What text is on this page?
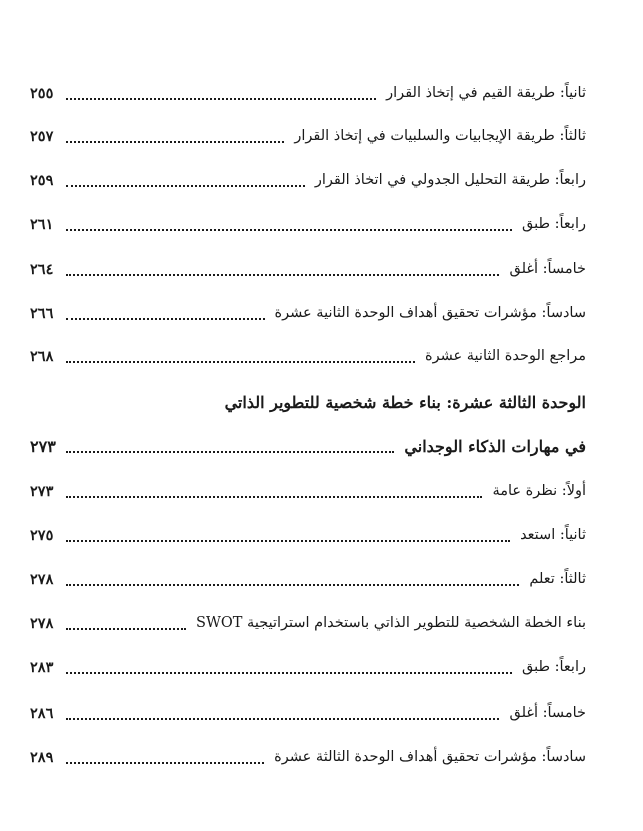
ثانياً: طريقة القيم في إتخاذ القرار
٢٥٥
ثالثاً: طريقة الإيجابيات والسلبيات في إتخاذ القرار
٢٥٧
رابعاً: طريقة التحليل الجدولي في اتخاذ القرار
٢٥٩
رابعاً: طبق
٢٦١
خامساً: أغلق
٢٦٤
سادساً: مؤشرات تحقيق أهداف الوحدة الثانية عشرة
٢٦٦
مراجع الوحدة الثانية عشرة
٢٦٨
الوحدة الثالثة عشرة: بناء خطة شخصية للتطوير الذاتي
في مهارات الذكاء الوجداني
٢٧٣
أولاً: نظرة عامة
٢٧٣
ثانياً: استعد
٢٧٥
ثالثاً: تعلم
٢٧٨
بناء الخطة الشخصية للتطوير الذاتي باستخدام استراتيجية SWOT
٢٧٨
رابعاً: طبق
٢٨٣
خامساً: أغلق
٢٨٦
سادساً: مؤشرات تحقيق أهداف الوحدة الثالثة عشرة
٢٨٩
